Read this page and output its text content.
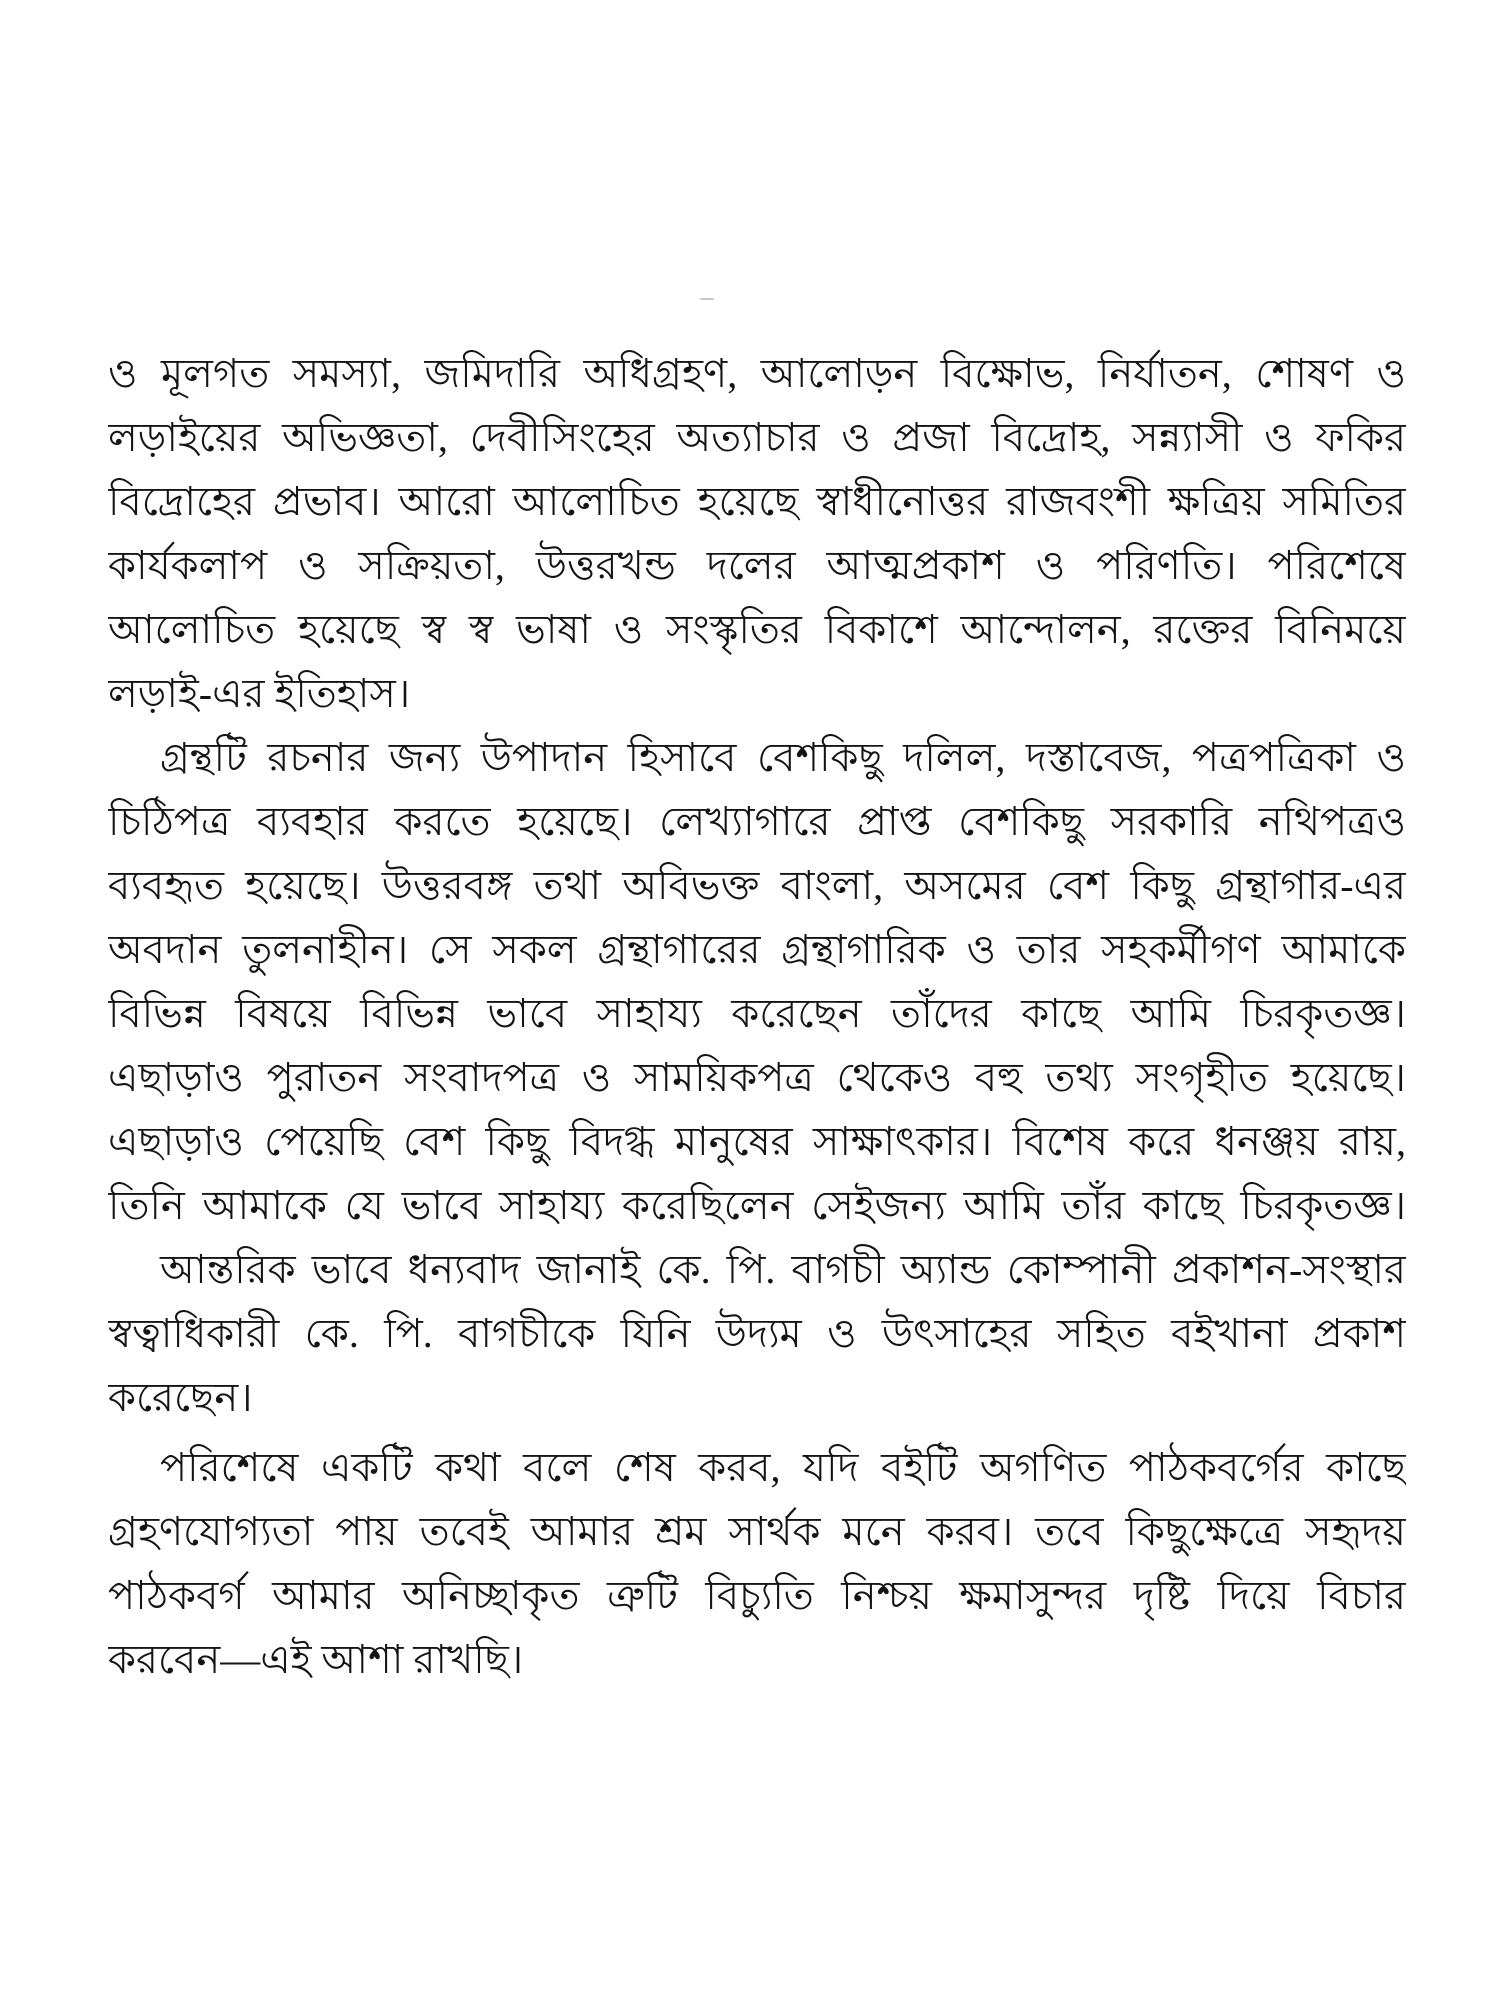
ও মূলগত সমস্যা, জমিদারি অধিগ্রহণ, আলোড়ন বিক্ষোভ, নির্যাতন, শোষণ ও
লড়াইয়ের অভিজ্ঞতা, দেবীসিংহের অত্যাচার ও প্রজা বিদ্রোহ, সন্ন্যাসী ও ফকির
বিদ্রোহের প্রভাব। আরো আলোচিত হয়েছে স্বাধীনোত্তর রাজবংশী ক্ষত্রিয় সমিতির
কার্যকলাপ ও সক্রিয়তা, উত্তরখন্ড দলের আত্মপ্রকাশ ও পরিণতি। পরিশেষে
আলোচিত হয়েছে স্ব স্ব ভাষা ও সংস্কৃতির বিকাশে আন্দোলন, রক্তের বিনিময়ে
লড়াই-এর ইতিহাস।
গ্রন্থটি রচনার জন্য উপাদান হিসাবে বেশকিছু দলিল, দস্তাবেজ, পত্রপত্রিকা ও
চিঠিপত্র ব্যবহার করতে হয়েছে। লেখ্যাগারে প্রাপ্ত বেশকিছু সরকারি নথিপত্রও
ব্যবহৃত হয়েছে। উত্তরবঙ্গ তথা অবিভক্ত বাংলা, অসমের বেশ কিছু গ্রন্থাগার-এর
অবদান তুলনাহীন। সে সকল গ্রন্থাগারের গ্রন্থাগারিক ও তার সহকর্মীগণ আমাকে
বিভিন্ন বিষয়ে বিভিন্ন ভাবে সাহায্য করেছেন তাঁদের কাছে আমি চিরকৃতজ্ঞ।
এছাড়াও পুরাতন সংবাদপত্র ও সাময়িকপত্র থেকেও বহু তথ্য সংগৃহীত হয়েছে।
এছাড়াও পেয়েছি বেশ কিছু বিদগ্ধ মানুষের সাক্ষাৎকার। বিশেষ করে ধনঞ্জয় রায়,
তিনি আমাকে যে ভাবে সাহায্য করেছিলেন সেইজন্য আমি তাঁর কাছে চিরকৃতজ্ঞ।
আন্তরিক ভাবে ধন্যবাদ জানাই কে. পি. বাগচী অ্যান্ড কোম্পানী প্রকাশন-সংস্থার
স্বত্বাধিকারী কে. পি. বাগচীকে যিনি উদ্যম ও উৎসাহের সহিত বইখানা প্রকাশ
করেছেন।
পরিশেষে একটি কথা বলে শেষ করব, যদি বইটি অগণিত পাঠকবর্গের কাছে
গ্রহণযোগ্যতা পায় তবেই আমার শ্রম সার্থক মনে করব। তবে কিছুক্ষেত্রে সহৃদয়
পাঠকবর্গ আমার অনিচ্ছাকৃত ত্রুটি বিচ্যুতি নিশ্চয় ক্ষমাসুন্দর দৃষ্টি দিয়ে বিচার
করবেন—এই আশা রাখছি।
